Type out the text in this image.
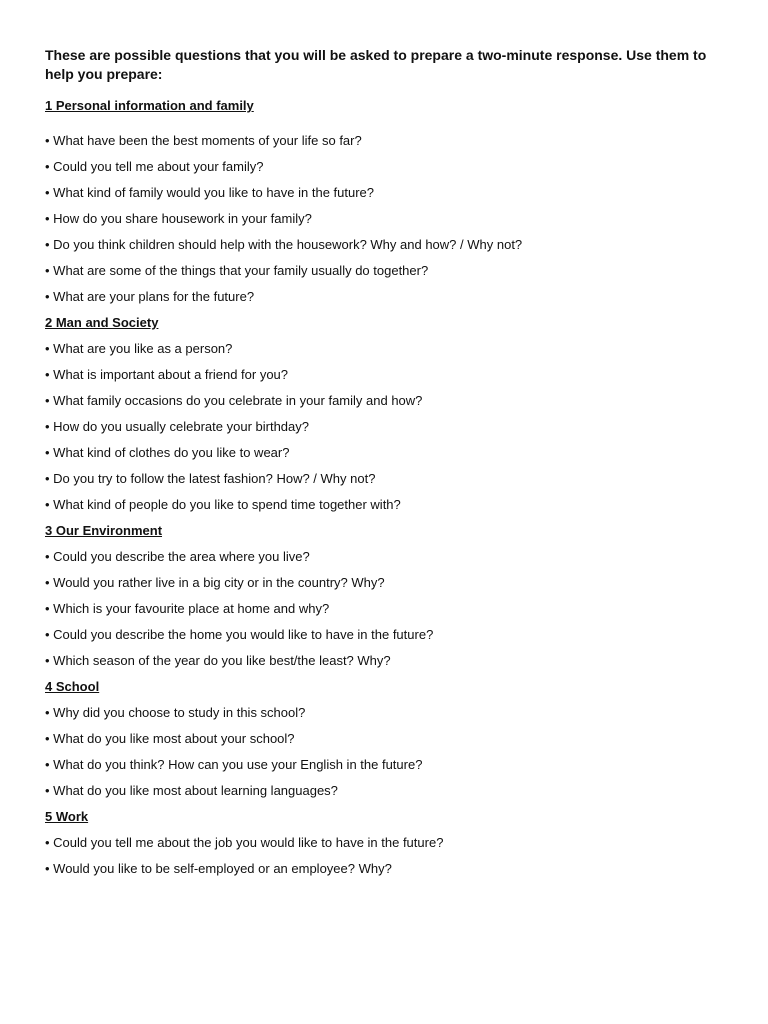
These are possible questions that you will be asked to prepare a two-minute response. Use them to help you prepare:

1 Personal information and family

• What have been the best moments of your life so far?

• Could you tell me about your family?

• What kind of family would you like to have in the future?

• How do you share housework in your family?

• Do you think children should help with the housework? Why and how? / Why not?

• What are some of the things that your family usually do together?

• What are your plans for the future?

2 Man and Society

• What are you like as a person?

• What is important about a friend for you?

• What family occasions do you celebrate in your family and how?

• How do you usually celebrate your birthday?

• What kind of clothes do you like to wear?

• Do you try to follow the latest fashion? How? / Why not?

• What kind of people do you like to spend time together with?

3 Our Environment

• Could you describe the area where you live?

• Would you rather live in a big city or in the country? Why?

• Which is your favourite place at home and why?

• Could you describe the home you would like to have in the future?

• Which season of the year do you like best/the least? Why?

4 School

• Why did you choose to study in this school?

• What do you like most about your school?

• What do you think? How can you use your English in the future?

• What do you like most about learning languages?

5 Work

• Could you tell me about the job you would like to have in the future?

• Would you like to be self-employed or an employee? Why?
